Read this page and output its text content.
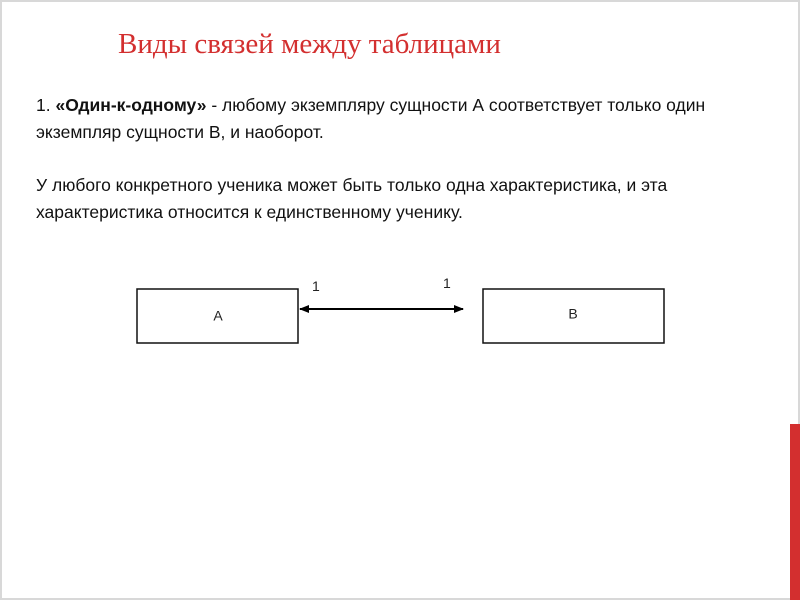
Виды связей между таблицами
1. «Один-к-одному» - любому экземпляру сущности А соответствует только один экземпляр сущности В, и наоборот.
У любого конкретного ученика может быть только одна характеристика, и эта характеристика относится к единственному ученику.
А	В
1	1
